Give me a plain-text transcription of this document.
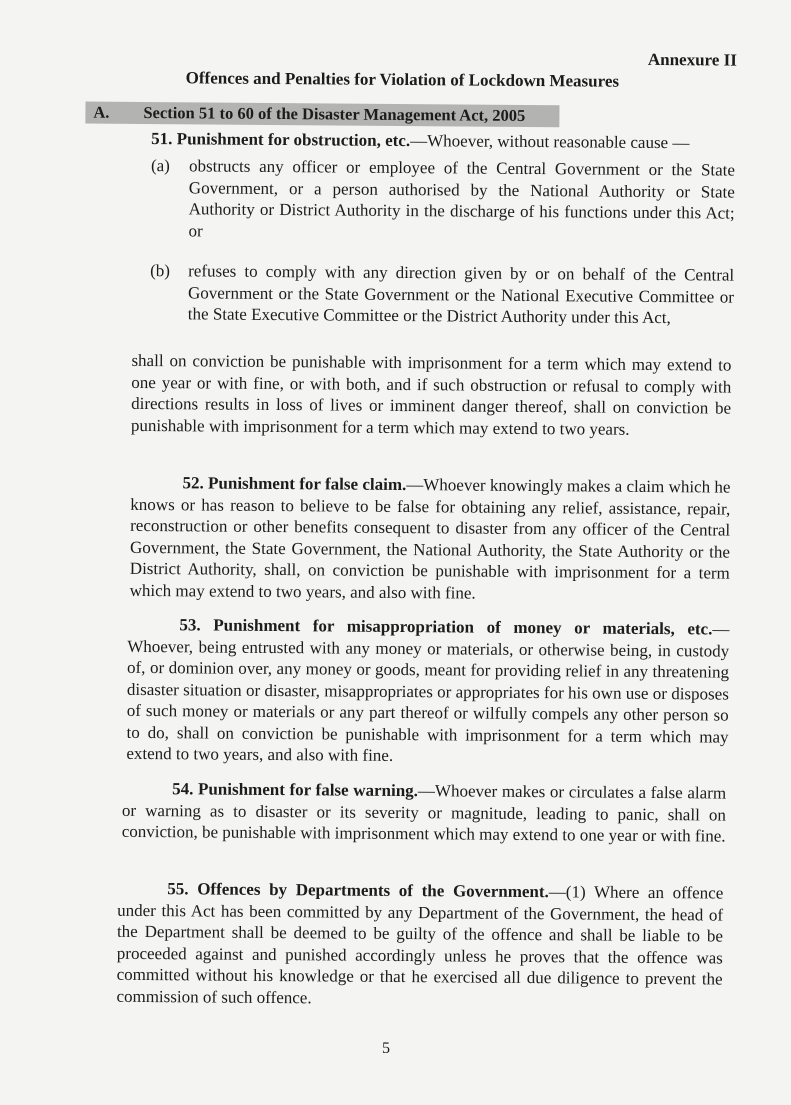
Annexure II
Offences and Penalties for Violation of Lockdown Measures
A. Section 51 to 60 of the Disaster Management Act, 2005

51. Punishment for obstruction, etc.—Whoever, without reasonable cause —

(a) obstructs any officer or employee of the Central Government or the State Government, or a person authorised by the National Authority or State Authority or District Authority in the discharge of his functions under this Act; or

(b) refuses to comply with any direction given by or on behalf of the Central Government or the State Government or the National Executive Committee or the State Executive Committee or the District Authority under this Act,

shall on conviction be punishable with imprisonment for a term which may extend to one year or with fine, or with both, and if such obstruction or refusal to comply with directions results in loss of lives or imminent danger thereof, shall on conviction be punishable with imprisonment for a term which may extend to two years.

52. Punishment for false claim.—Whoever knowingly makes a claim which he knows or has reason to believe to be false for obtaining any relief, assistance, repair, reconstruction or other benefits consequent to disaster from any officer of the Central Government, the State Government, the National Authority, the State Authority or the District Authority, shall, on conviction be punishable with imprisonment for a term which may extend to two years, and also with fine.

53. Punishment for misappropriation of money or materials, etc.— Whoever, being entrusted with any money or materials, or otherwise being, in custody of, or dominion over, any money or goods, meant for providing relief in any threatening disaster situation or disaster, misappropriates or appropriates for his own use or disposes of such money or materials or any part thereof or wilfully compels any other person so to do, shall on conviction be punishable with imprisonment for a term which may extend to two years, and also with fine.

54. Punishment for false warning.—Whoever makes or circulates a false alarm or warning as to disaster or its severity or magnitude, leading to panic, shall on conviction, be punishable with imprisonment which may extend to one year or with fine.

55. Offences by Departments of the Government.—(1) Where an offence under this Act has been committed by any Department of the Government, the head of the Department shall be deemed to be guilty of the offence and shall be liable to be proceeded against and punished accordingly unless he proves that the offence was committed without his knowledge or that he exercised all due diligence to prevent the commission of such offence.

5
